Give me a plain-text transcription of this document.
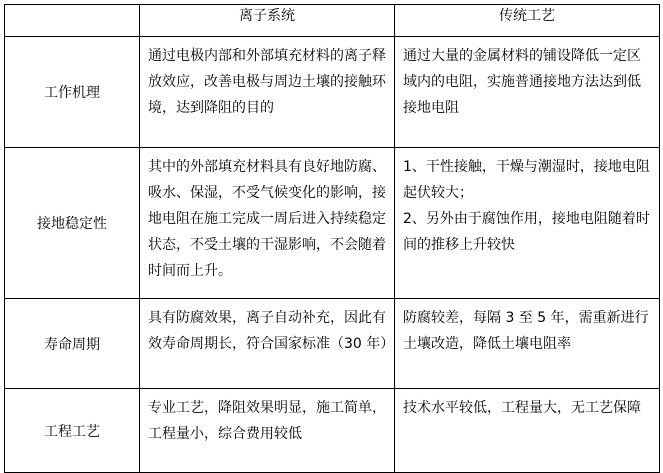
	离子系统	传统工艺
工作机理	通过电极内部和外部填充材料的离子释放效应，改善电极与周边土壤的接触环境，达到降阻的目的	通过大量的金属材料的铺设降低一定区域内的电阻，实施普通接地方法达到低接地电阻

接地稳定性	其中的外部填充材料具有良好地防腐、吸水、保湿，不受气候变化的影响，接地电阻在施工完成一周后进入持续稳定状态，不受土壤的干湿影响，不会随着时间而上升。	1、干性接触，干燥与潮湿时，接地电阻起伏较大；
2、另外由于腐蚀作用，接地电阻随着时间的推移上升较快

寿命周期	具有防腐效果，离子自动补充，因此有效寿命周期长，符合国家标准（30 年）	防腐较差，每隔 3 至 5 年，需重新进行土壤改造，降低土壤电阻率

工程工艺	专业工艺，降阻效果明显，施工简单，工程量小，综合费用较低	技术水平较低，工程量大，无工艺保障
